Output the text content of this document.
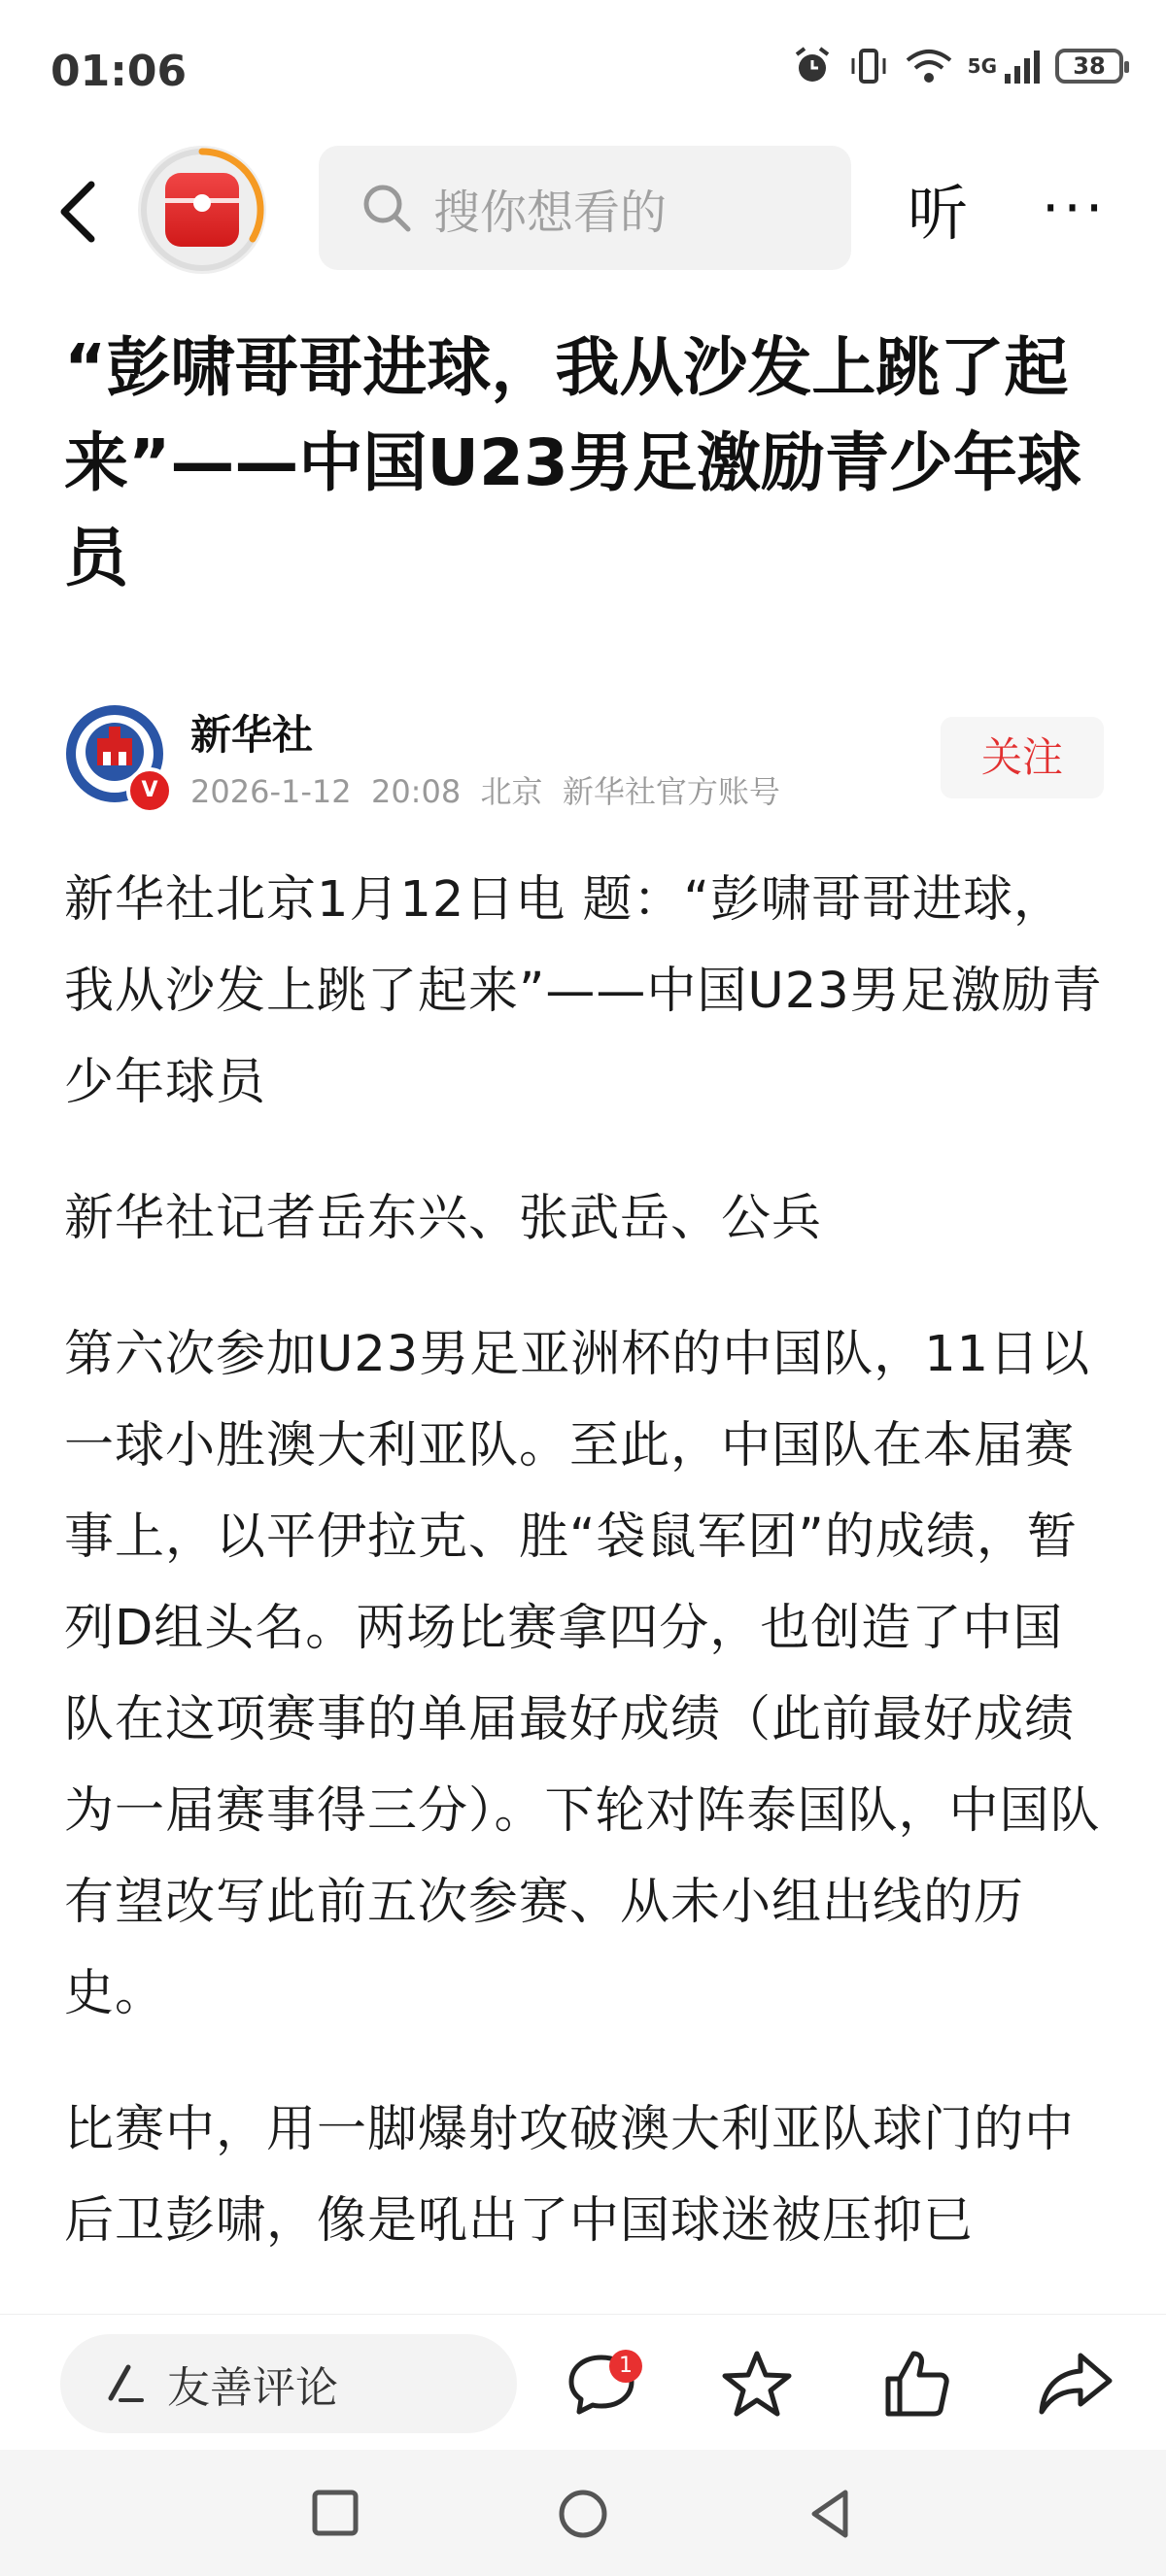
01:06	5G	38
搜你想看的	听 ···
“彭啸哥哥进球，我从沙发上跳了起来”——中国U23男足激励青少年球员
V
新华社
2026-1-12 20:08 北京 新华社官方账号
关注

新华社北京1月12日电 题：“彭啸哥哥进球，我从沙发上跳了起来”——中国U23男足激励青少年球员

新华社记者岳东兴、张武岳、公兵

第六次参加U23男足亚洲杯的中国队，11日以一球小胜澳大利亚队。至此，中国队在本届赛事上，以平伊拉克、胜“袋鼠军团”的成绩，暂列D组头名。两场比赛拿四分，也创造了中国队在这项赛事的单届最好成绩（此前最好成绩为一届赛事得三分）。下轮对阵泰国队，中国队有望改写此前五次参赛、从未小组出线的历史。

比赛中，用一脚爆射攻破澳大利亚队球门的中后卫彭啸，像是吼出了中国球迷被压抑已

友善评论	1
